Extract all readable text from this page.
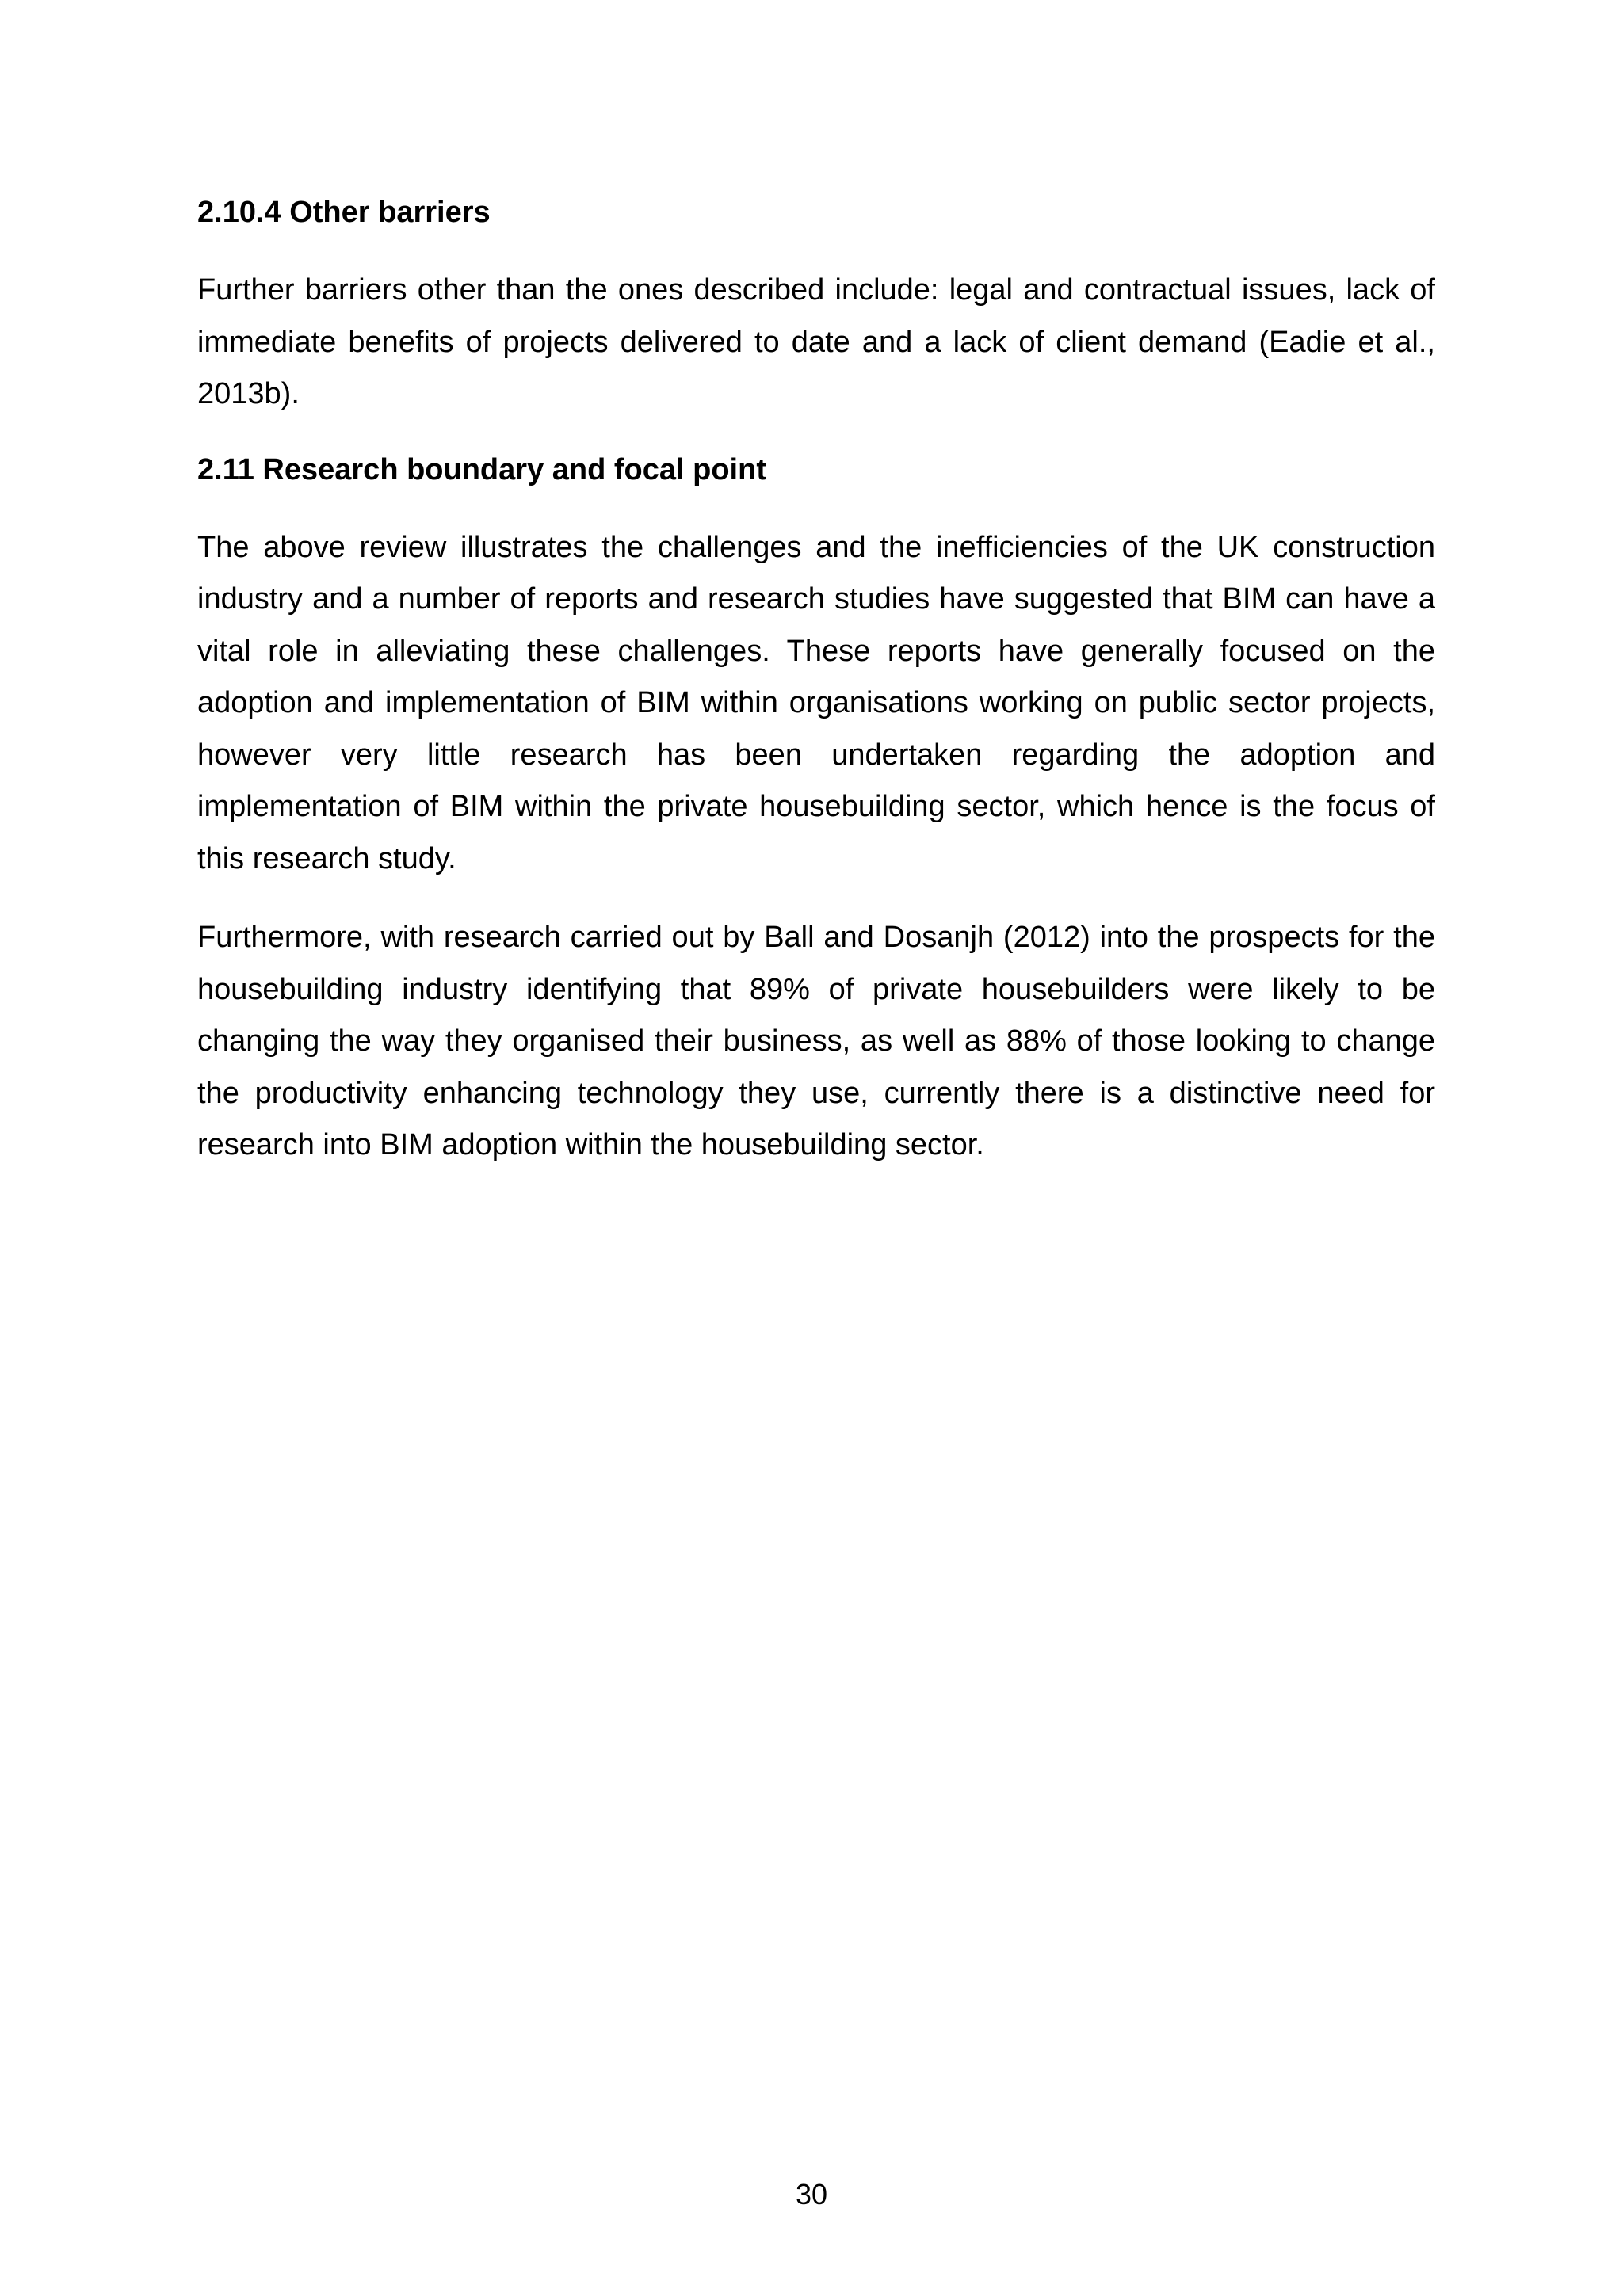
2.10.4 Other barriers

Further barriers other than the ones described include: legal and contractual issues, lack of immediate benefits of projects delivered to date and a lack of client demand (Eadie et al., 2013b).

2.11 Research boundary and focal point

The above review illustrates the challenges and the inefficiencies of the UK construction industry and a number of reports and research studies have suggested that BIM can have a vital role in alleviating these challenges. These reports have generally focused on the adoption and implementation of BIM within organisations working on public sector projects, however very little research has been undertaken regarding the adoption and implementation of BIM within the private housebuilding sector, which hence is the focus of this research study.

Furthermore, with research carried out by Ball and Dosanjh (2012) into the prospects for the housebuilding industry identifying that 89% of private housebuilders were likely to be changing the way they organised their business, as well as 88% of those looking to change the productivity enhancing technology they use, currently there is a distinctive need for research into BIM adoption within the housebuilding sector.

30
